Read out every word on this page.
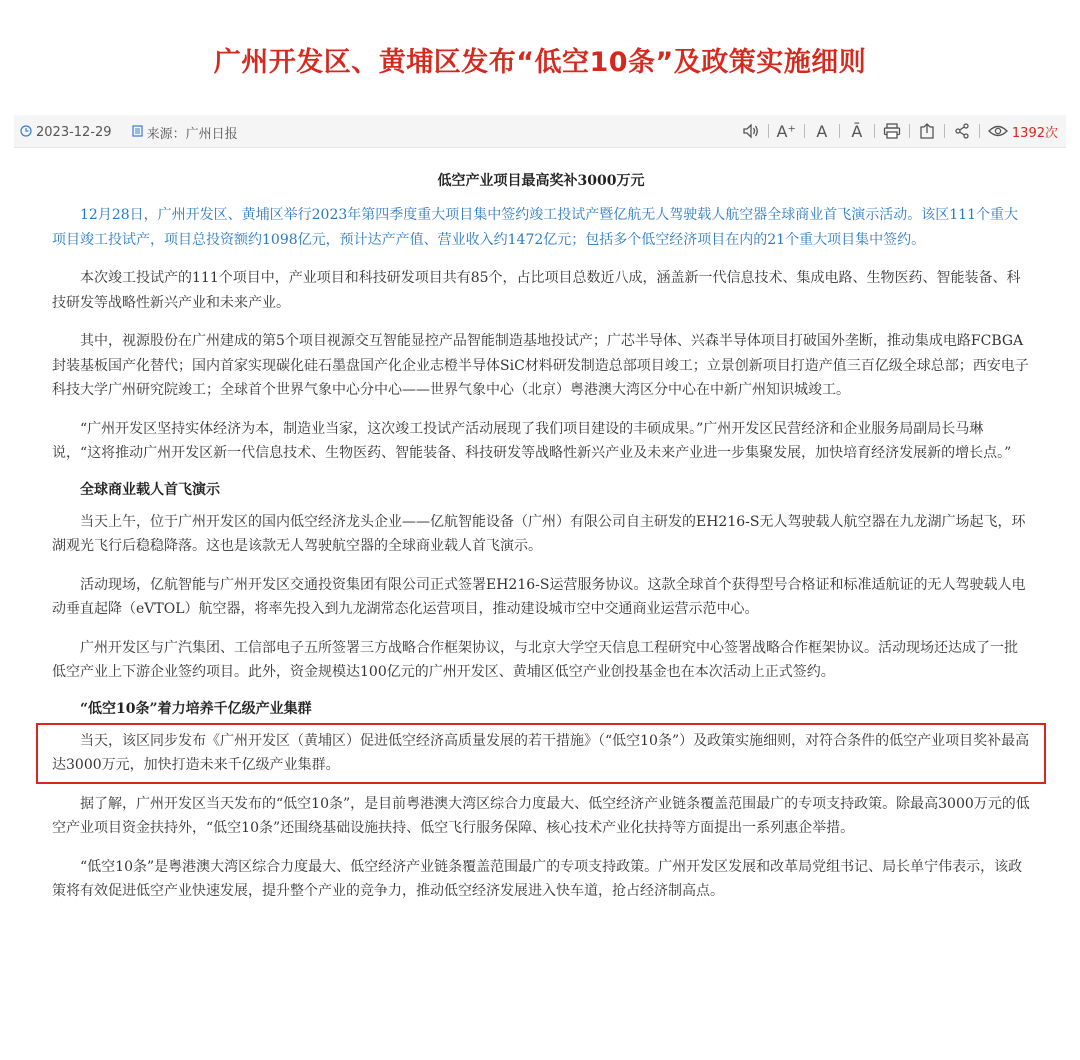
广州开发区、黄埔区发布“低空10条”及政策实施细则
2023-12-29	来源：广州日报	A⁺ A Ā	1392次
低空产业项目最高奖补3000万元

12月28日，广州开发区、黄埔区举行2023年第四季度重大项目集中签约竣工投试产暨亿航无人驾驶载人航空器全球商业首飞演示活动。该区111个重大项目竣工投试产，项目总投资额约1098亿元，预计达产产值、营业收入约1472亿元；包括多个低空经济项目在内的21个重大项目集中签约。

本次竣工投试产的111个项目中，产业项目和科技研发项目共有85个，占比项目总数近八成，涵盖新一代信息技术、集成电路、生物医药、智能装备、科技研发等战略性新兴产业和未来产业。

其中，视源股份在广州建成的第5个项目视源交互智能显控产品智能制造基地投试产；广芯半导体、兴森半导体项目打破国外垄断，推动集成电路FCBGA封装基板国产化替代；国内首家实现碳化硅石墨盘国产化企业志橙半导体SiC材料研发制造总部项目竣工；立景创新项目打造产值三百亿级全球总部；西安电子科技大学广州研究院竣工；全球首个世界气象中心分中心——世界气象中心（北京）粤港澳大湾区分中心在中新广州知识城竣工。

“广州开发区坚持实体经济为本，制造业当家，这次竣工投试产活动展现了我们项目建设的丰硕成果。”广州开发区民营经济和企业服务局副局长马琳说，“这将推动广州开发区新一代信息技术、生物医药、智能装备、科技研发等战略性新兴产业及未来产业进一步集聚发展，加快培育经济发展新的增长点。”

全球商业载人首飞演示

当天上午，位于广州开发区的国内低空经济龙头企业——亿航智能设备（广州）有限公司自主研发的EH216-S无人驾驶载人航空器在九龙湖广场起飞，环湖观光飞行后稳稳降落。这也是该款无人驾驶航空器的全球商业载人首飞演示。

活动现场，亿航智能与广州开发区交通投资集团有限公司正式签署EH216-S运营服务协议。这款全球首个获得型号合格证和标准适航证的无人驾驶载人电动垂直起降（eVTOL）航空器，将率先投入到九龙湖常态化运营项目，推动建设城市空中交通商业运营示范中心。

广州开发区与广汽集团、工信部电子五所签署三方战略合作框架协议，与北京大学空天信息工程研究中心签署战略合作框架协议。活动现场还达成了一批低空产业上下游企业签约项目。此外，资金规模达100亿元的广州开发区、黄埔区低空产业创投基金也在本次活动上正式签约。

“低空10条”着力培养千亿级产业集群

当天，该区同步发布《广州开发区（黄埔区）促进低空经济高质量发展的若干措施》（“低空10条”）及政策实施细则，对符合条件的低空产业项目奖补最高达3000万元，加快打造未来千亿级产业集群。

据了解，广州开发区当天发布的“低空10条”，是目前粤港澳大湾区综合力度最大、低空经济产业链条覆盖范围最广的专项支持政策。除最高3000万元的低空产业项目资金扶持外，“低空10条”还围绕基础设施扶持、低空飞行服务保障、核心技术产业化扶持等方面提出一系列惠企举措。

“低空10条”是粤港澳大湾区综合力度最大、低空经济产业链条覆盖范围最广的专项支持政策。广州开发区发展和改革局党组书记、局长单宁伟表示，该政策将有效促进低空产业快速发展，提升整个产业的竞争力，推动低空经济发展进入快车道，抢占经济制高点。
